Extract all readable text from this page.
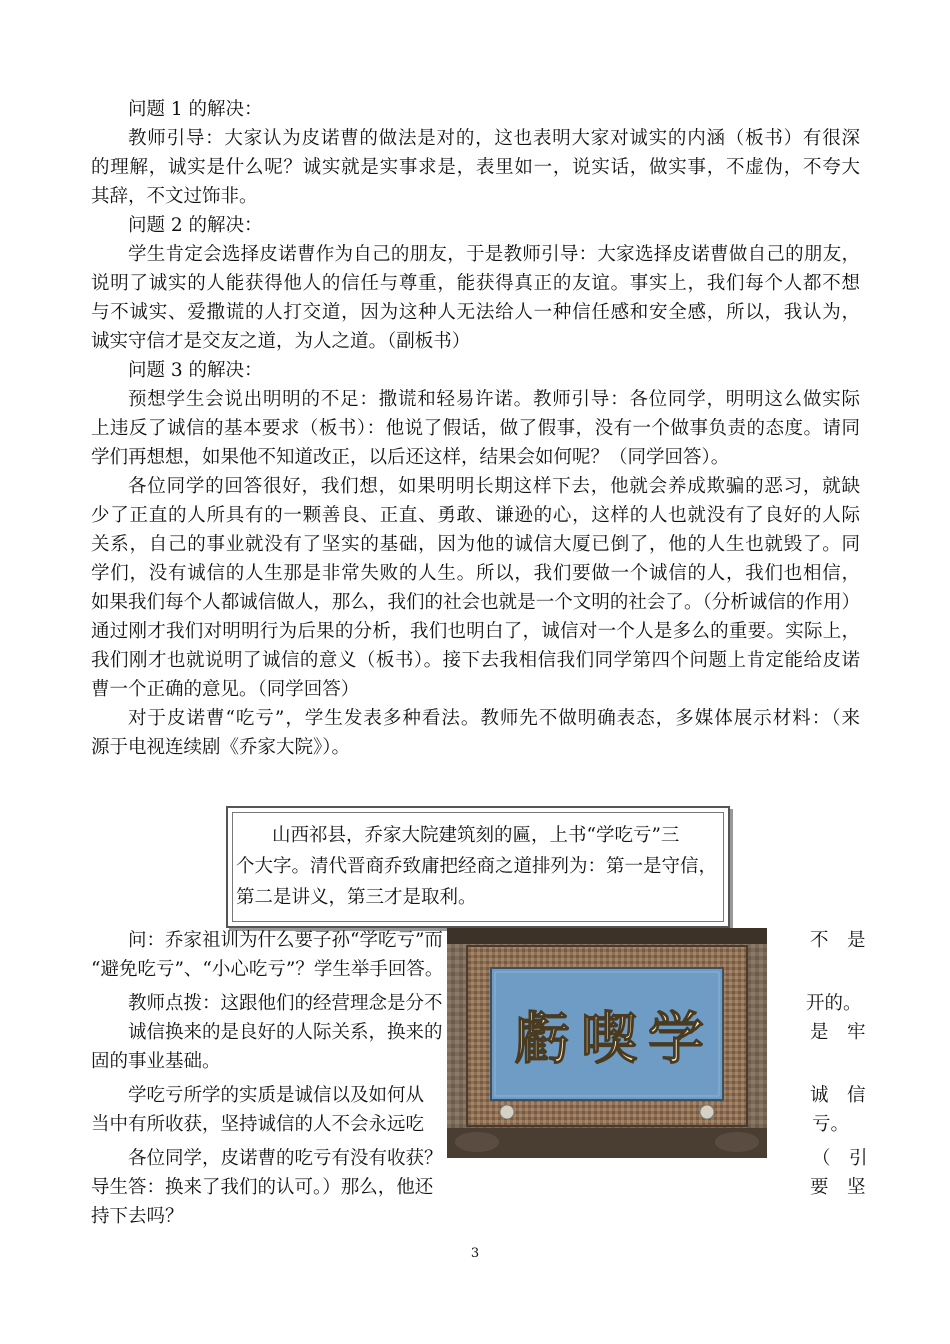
问题 1 的解决：
教师引导：大家认为皮诺曹的做法是对的，这也表明大家对诚实的内涵（板书）有很深
的理解，诚实是什么呢？诚实就是实事求是，表里如一，说实话，做实事，不虚伪，不夸大
其辞，不文过饰非。
问题 2 的解决：
学生肯定会选择皮诺曹作为自己的朋友，于是教师引导：大家选择皮诺曹做自己的朋友，
说明了诚实的人能获得他人的信任与尊重，能获得真正的友谊。事实上，我们每个人都不想
与不诚实、爱撒谎的人打交道，因为这种人无法给人一种信任感和安全感，所以，我认为，
诚实守信才是交友之道，为人之道。（副板书）
问题 3 的解决：
预想学生会说出明明的不足：撒谎和轻易许诺。教师引导：各位同学，明明这么做实际
上违反了诚信的基本要求（板书）：他说了假话，做了假事，没有一个做事负责的态度。请同
学们再想想，如果他不知道改正，以后还这样，结果会如何呢？（同学回答）。
各位同学的回答很好，我们想，如果明明长期这样下去，他就会养成欺骗的恶习，就缺
少了正直的人所具有的一颗善良、正直、勇敢、谦逊的心，这样的人也就没有了良好的人际
关系，自己的事业就没有了坚实的基础，因为他的诚信大厦已倒了，他的人生也就毁了。同
学们，没有诚信的人生那是非常失败的人生。所以，我们要做一个诚信的人，我们也相信，
如果我们每个人都诚信做人，那么，我们的社会也就是一个文明的社会了。（分析诚信的作用）
通过刚才我们对明明行为后果的分析，我们也明白了，诚信对一个人是多么的重要。实际上，
我们刚才也就说明了诚信的意义（板书）。接下去我相信我们同学第四个问题上肯定能给皮诺
曹一个正确的意见。（同学回答）
对于皮诺曹“吃亏”，学生发表多种看法。教师先不做明确表态，多媒体展示材料：（来
源于电视连续剧《乔家大院》）。
山西祁县，乔家大院建筑刻的匾，上书“学吃亏”三
个大字。清代晋商乔致庸把经商之道排列为：第一是守信，
第二是讲义，第三才是取利。
问：乔家祖训为什么要子孙“学吃亏”而
“避免吃亏”、“小心吃亏”？学生举手回答。
教师点拨：这跟他们的经营理念是分不
诚信换来的是良好的人际关系，换来的
固的事业基础。
学吃亏所学的实质是诚信以及如何从
当中有所收获，坚持诚信的人不会永远吃
各位同学，皮诺曹的吃亏有没有收获？
导生答：换来了我们的认可。）那么，他还
持下去吗？
不　是
开的。
是　牢
诚　信
亏。
（　引
要　坚
虧 喫 学
3
